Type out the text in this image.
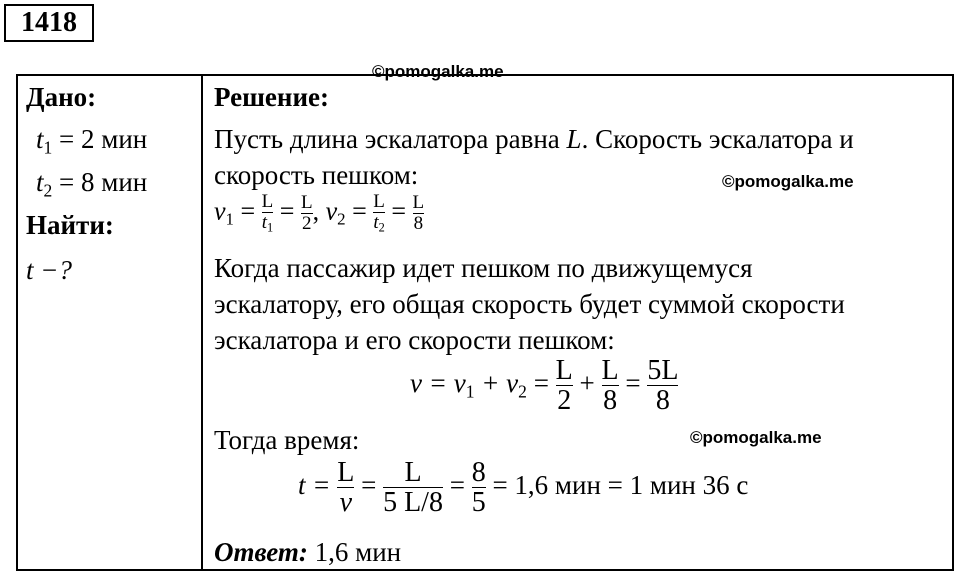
1418
©pomogalka.me
©pomogalka.me
©pomogalka.me
Дано:
$t_1 = 2$ мин
$t_2 = 8$ мин
Найти:
t −?
Решение:
Пусть длина эскалатора равна L. Скорость эскалатора и
скорость пешком:
$v_1 = \frac{L}{t_1} = \frac{L}{2}$ , $v_2 = \frac{L}{t_2} = \frac{L}{8}$
Когда пассажир идет пешком по движущемуся
эскалатору, его общая скорость будет суммой скорости
эскалатора и его скорости пешком:
$v = v_1 + v_2 = \frac{L}{2} + \frac{L}{8} = \frac{5L}{8}$
Тогда время:
$t = \frac{L}{v} = \frac{L}{5 L/8} = \frac{8}{5} = 1,6$ мин = 1 мин 36 с
Ответ: 1,6 мин
